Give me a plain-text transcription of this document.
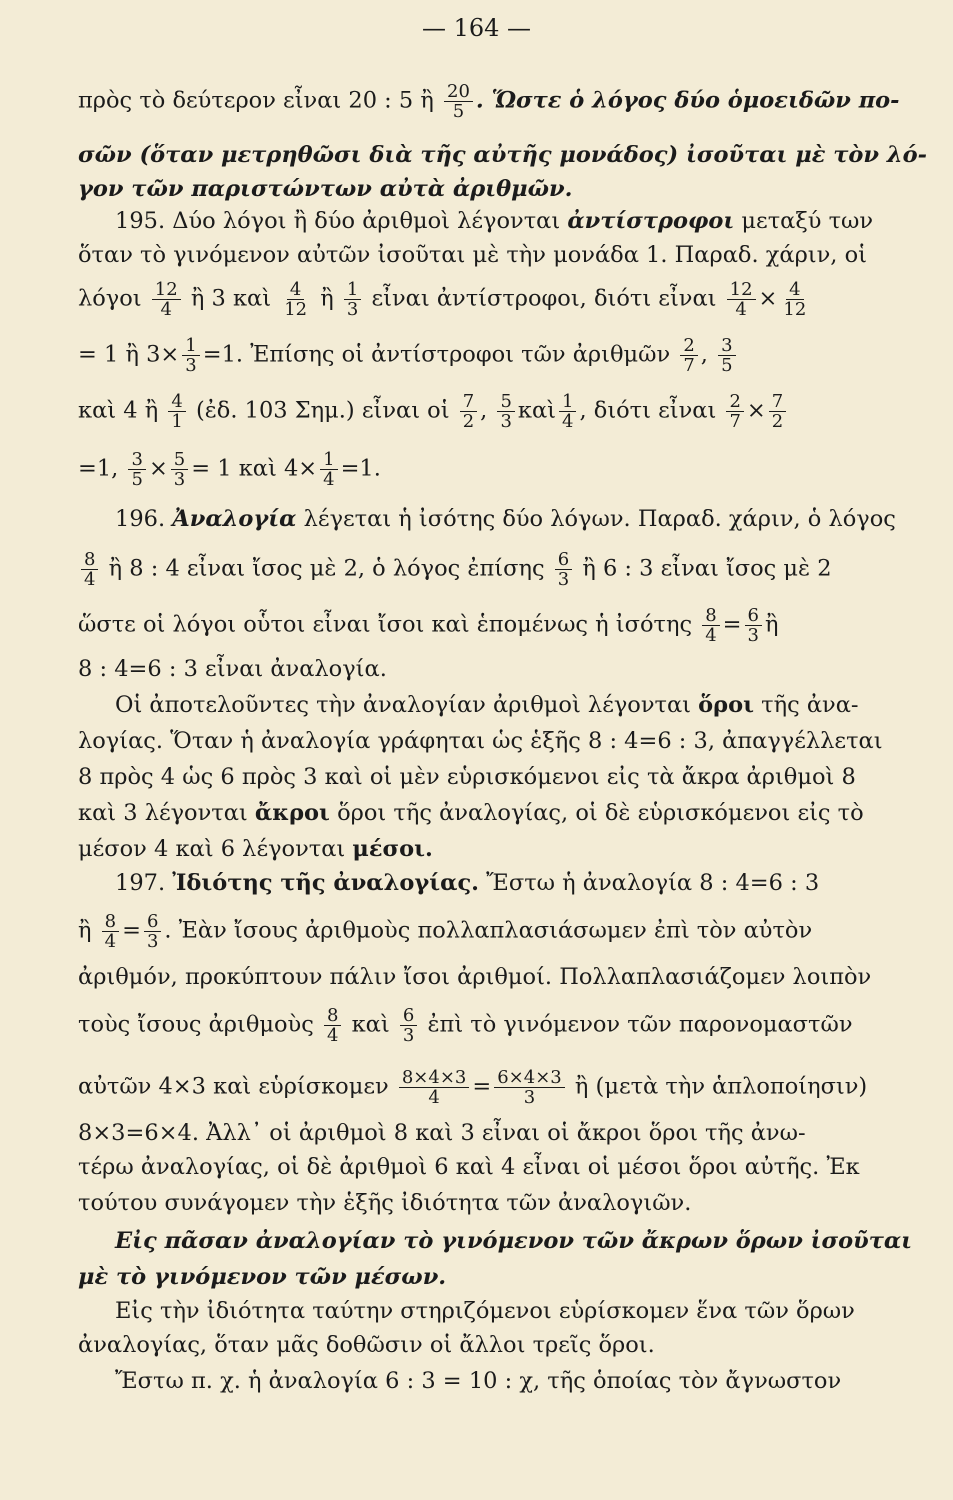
— 164 —
πρὸς τὸ δεύτερον εἶναι 20 : 5 ἢ $\frac{20}{5}$ . Ὥστε ὁ λόγος δύο ὁμοειδῶν πο-
σῶν (ὅταν μετρηθῶσι διὰ τῆς αὐτῆς μονάδος) ἰσοῦται μὲ τὸν λό-
γον τῶν παριστώντων αὐτὰ ἀριθμῶν.
195. Δύο λόγοι ἢ δύο ἀριθμοὶ λέγονται ἀντίστροφοι μεταξύ των
ὅταν τὸ γινόμενον αὐτῶν ἰσοῦται μὲ τὴν μονάδα 1. Παραδ. χάριν, οἱ
λόγοι $\frac{12}{4}$ ἢ 3 καὶ $\frac{4}{12}$ ἢ $\frac{1}{3}$ εἶναι ἀντίστροφοι, διότι εἶναι $\frac{12}{4} \times \frac{4}{12}$
= 1 ἢ $3\times \frac{1}{3} =1$. Ἐπίσης οἱ ἀντίστροφοι τῶν ἀριθμῶν $\frac{2}{7}$ , $\frac{3}{5}$
καὶ 4 ἢ $\frac{4}{1}$ (ἐδ. 103 Σημ.) εἶναι οἱ $\frac{7}{2}$ , $\frac{5}{3}$ καὶ $\frac{1}{4}$ , διότι εἶναι $\frac{2}{7} \times \frac{7}{2}$
=1, $\frac{3}{5} \times \frac{5}{3} = 1$ καὶ $4\times \frac{1}{4} =1$.
196. Ἀναλογία λέγεται ἡ ἰσότης δύο λόγων. Παραδ. χάριν, ὁ λόγος
$\frac{8}{4}$ ἢ 8 : 4 εἶναι ἴσος μὲ 2, ὁ λόγος ἐπίσης $\frac{6}{3}$ ἢ 6 : 3 εἶναι ἴσος μὲ 2
ὥστε οἱ λόγοι οὗτοι εἶναι ἴσοι καὶ ἑπομένως ἡ ἰσότης $\frac{8}{4} = \frac{6}{3}$ ἢ
8 : 4=6 : 3 εἶναι ἀναλογία.
Οἱ ἀποτελοῦντες τὴν ἀναλογίαν ἀριθμοὶ λέγονται ὅροι τῆς ἀνα-
λογίας. Ὅταν ἡ ἀναλογία γράφηται ὡς ἑξῆς 8 : 4=6 : 3, ἀπαγγέλλεται
8 πρὸς 4 ὡς 6 πρὸς 3 καὶ οἱ μὲν εὑρισκόμενοι εἰς τὰ ἄκρα ἀριθμοὶ 8
καὶ 3 λέγονται ἄκροι ὅροι τῆς ἀναλογίας, οἱ δὲ εὑρισκόμενοι εἰς τὸ
μέσον 4 καὶ 6 λέγονται μέσοι.
197. Ἰδιότης τῆς ἀναλογίας. Ἔστω ἡ ἀναλογία 8 : 4=6 : 3
ἢ $\frac{8}{4} = \frac{6}{3}$ . Ἐὰν ἴσους ἀριθμοὺς πολλαπλασιάσωμεν ἐπὶ τὸν αὐτὸν
ἀριθμόν, προκύπτουν πάλιν ἴσοι ἀριθμοί. Πολλαπλασιάζομεν λοιπὸν
τοὺς ἴσους ἀριθμοὺς $\frac{8}{4}$ καὶ $\frac{6}{3}$ ἐπὶ τὸ γινόμενον τῶν παρονομαστῶν
αὐτῶν 4×3 καὶ εὑρίσκομεν $\frac{8\times 4\times 3}{4} = \frac{6\times 4\times 3}{3}$ ἢ (μετὰ τὴν ἁπλοποίησιν)
8×3=6×4. Ἀλλ᾽ οἱ ἀριθμοὶ 8 καὶ 3 εἶναι οἱ ἄκροι ὅροι τῆς ἀνω-
τέρω ἀναλογίας, οἱ δὲ ἀριθμοὶ 6 καὶ 4 εἶναι οἱ μέσοι ὅροι αὐτῆς. Ἐκ
τούτου συνάγομεν τὴν ἑξῆς ἰδιότητα τῶν ἀναλογιῶν.
Εἰς πᾶσαν ἀναλογίαν τὸ γινόμενον τῶν ἄκρων ὅρων ἰσοῦται
μὲ τὸ γινόμενον τῶν μέσων.
Εἰς τὴν ἰδιότητα ταύτην στηριζόμενοι εὑρίσκομεν ἕνα τῶν ὅρων
ἀναλογίας, ὅταν μᾶς δοθῶσιν οἱ ἄλλοι τρεῖς ὅροι.
Ἔστω π. χ. ἡ ἀναλογία 6 : 3 = 10 : χ, τῆς ὁποίας τὸν ἄγνωστον
